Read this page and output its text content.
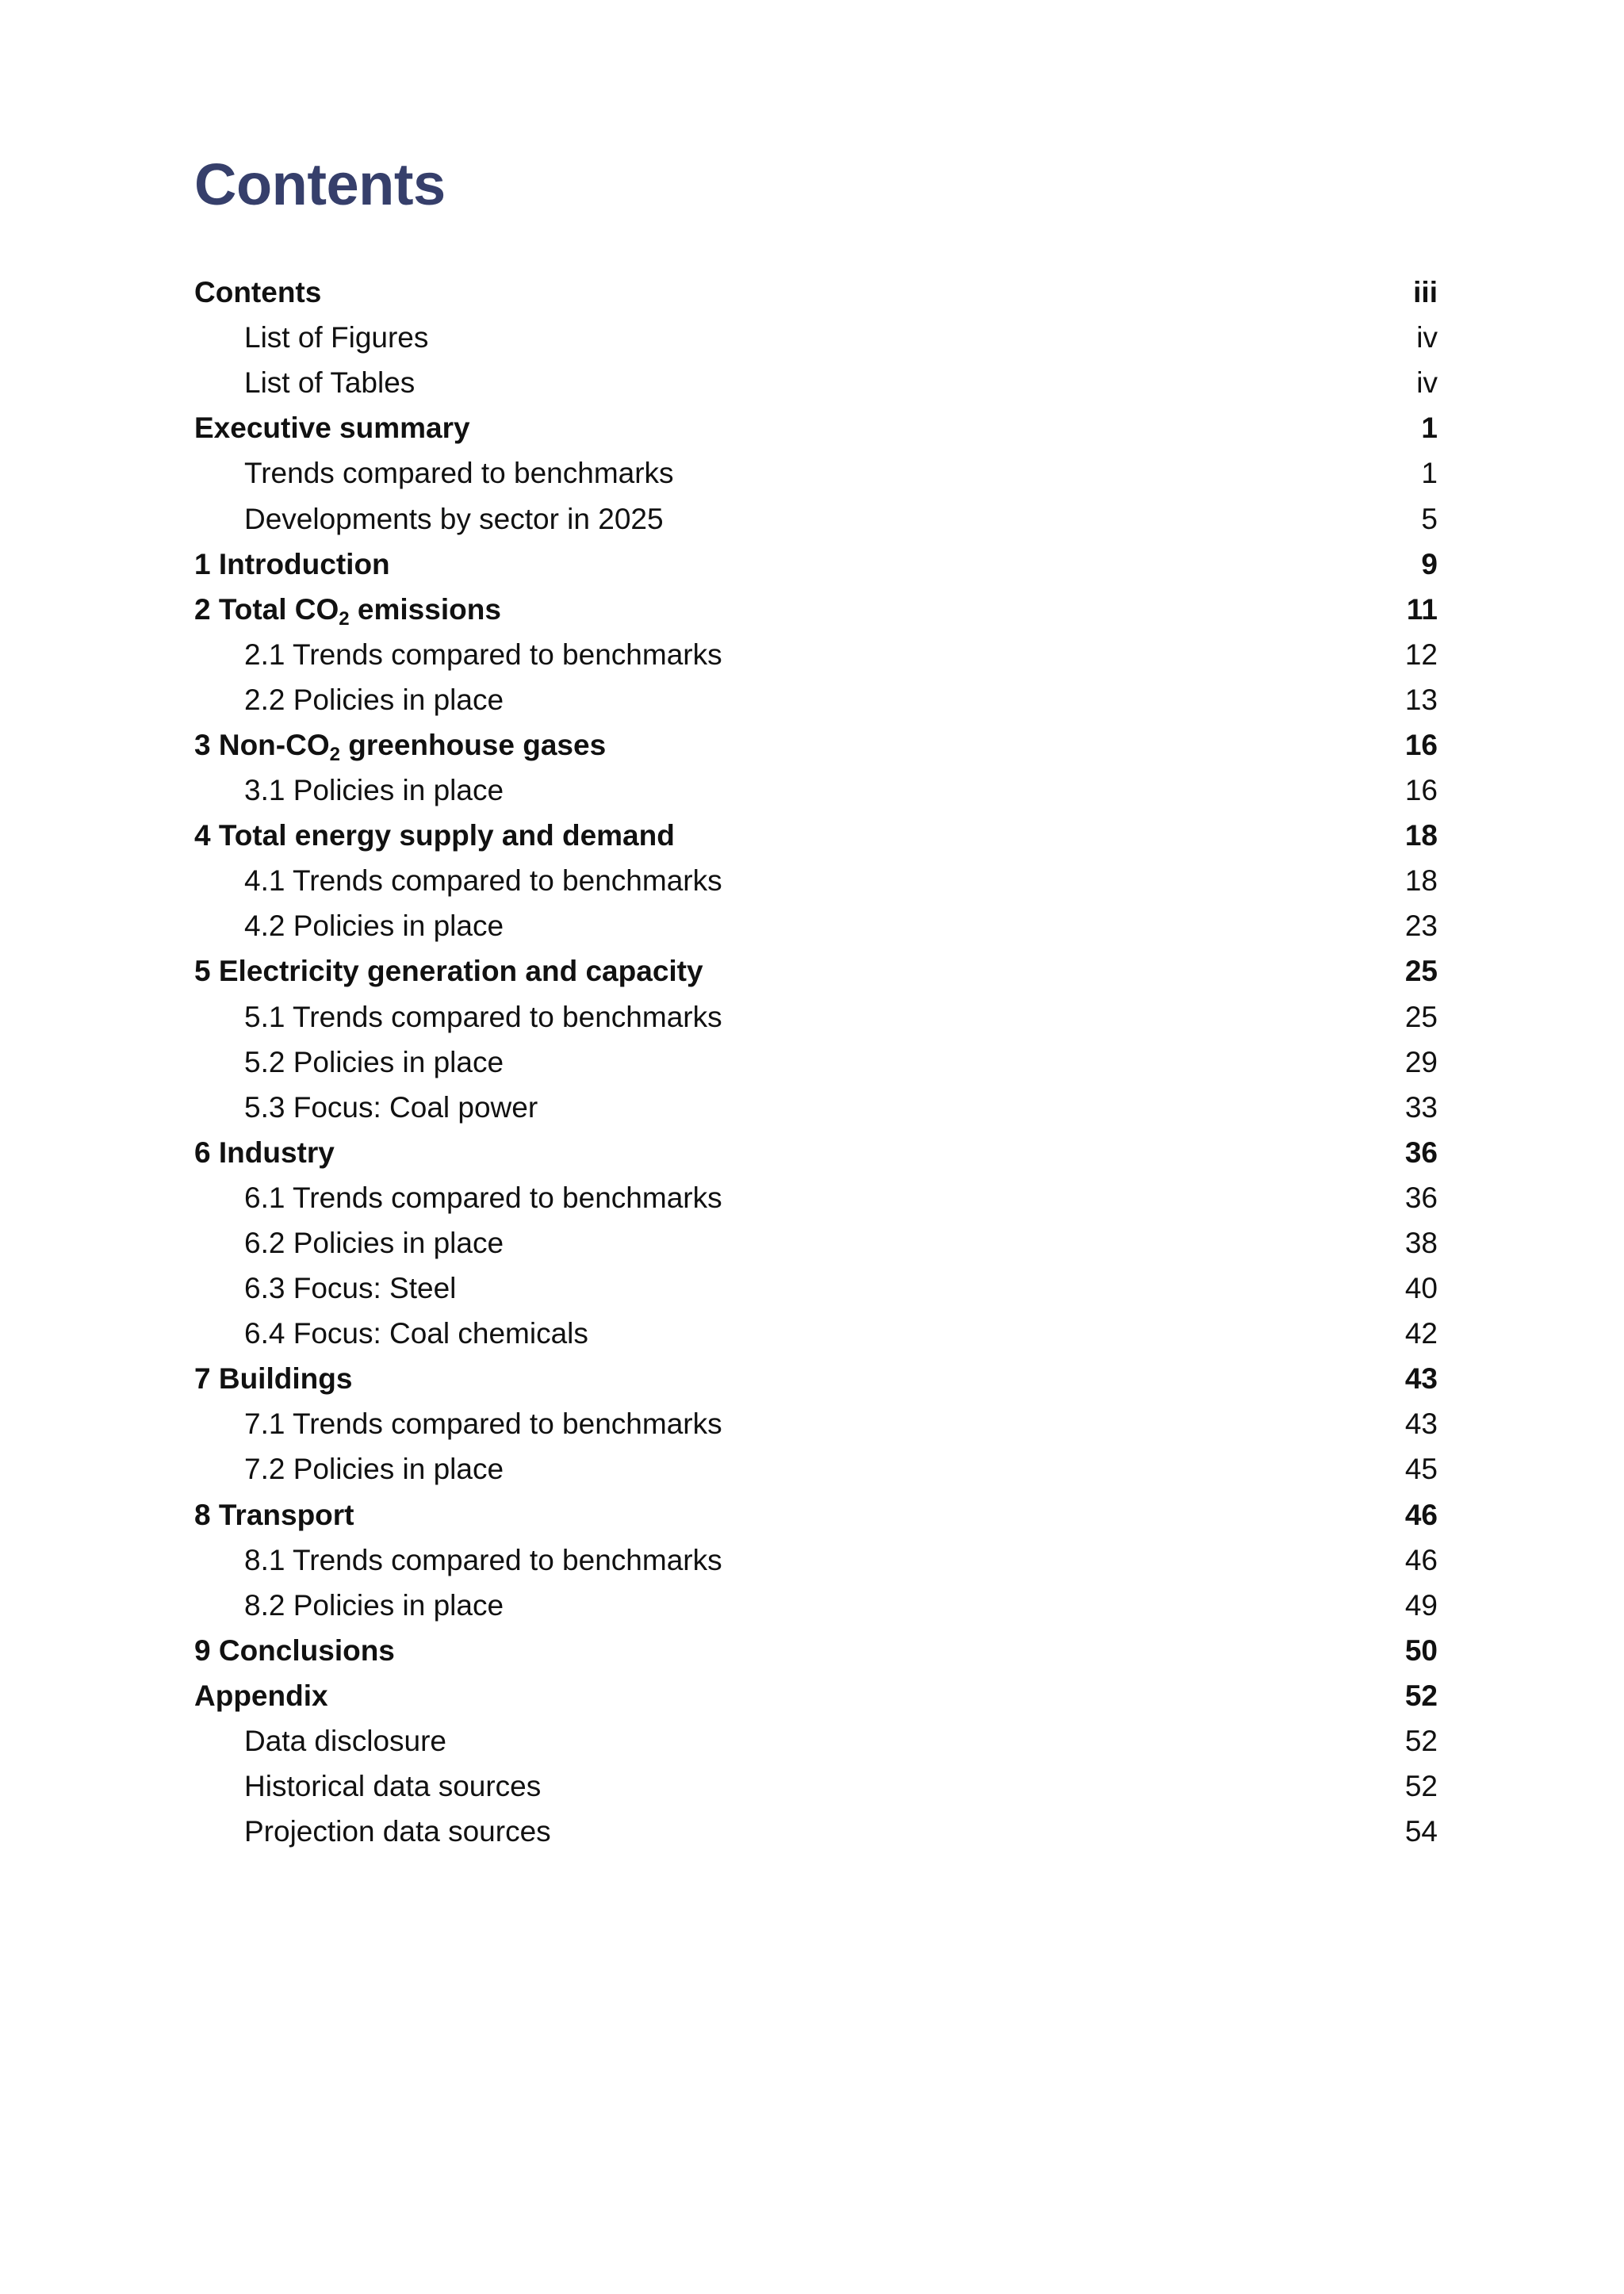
Contents
Contents	iii
List of Figures	iv
List of Tables	iv
Executive summary	1
Trends compared to benchmarks	1
Developments by sector in 2025	5
1 Introduction	9
2 Total $CO_2$ emissions	11
2.1 Trends compared to benchmarks	12
2.2 Policies in place	13
3 Non-$CO_2$ greenhouse gases	16
3.1 Policies in place	16
4 Total energy supply and demand	18
4.1 Trends compared to benchmarks	18
4.2 Policies in place	23
5 Electricity generation and capacity	25
5.1 Trends compared to benchmarks	25
5.2 Policies in place	29
5.3 Focus: Coal power	33
6 Industry	36
6.1 Trends compared to benchmarks	36
6.2 Policies in place	38
6.3 Focus: Steel	40
6.4 Focus: Coal chemicals	42
7 Buildings	43
7.1 Trends compared to benchmarks	43
7.2 Policies in place	45
8 Transport	46
8.1 Trends compared to benchmarks	46
8.2 Policies in place	49
9 Conclusions	50
Appendix	52
Data disclosure	52
Historical data sources	52
Projection data sources	54
